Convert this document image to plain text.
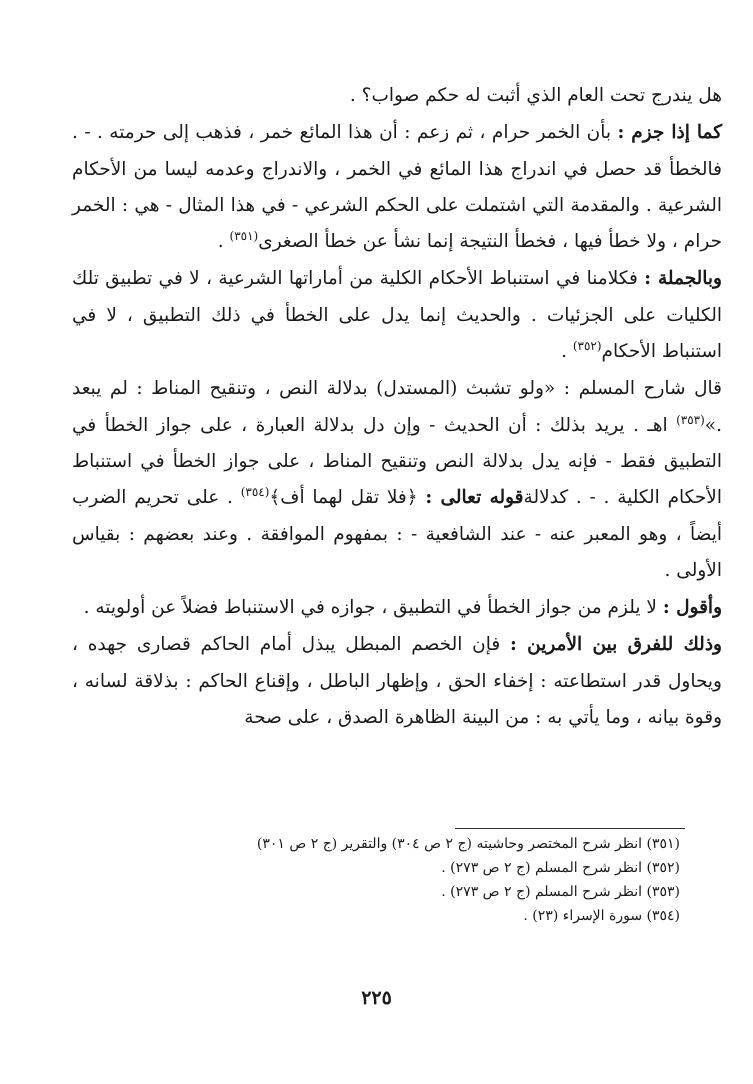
هل يندرج تحت العام الذي أثبت له حكم صواب؟ .

كما إذا جزم : بأن الخمر حرام ، ثم زعم : أن هذا المائع خمر ، فذهب إلى حرمته . - . فالخطأ قد حصل في اندراج هذا المائع في الخمر ، والاندراج وعدمه ليسا من الأحكام الشرعية . والمقدمة التي اشتملت على الحكم الشرعي - في هذا المثال - هي : الخمر حرام ، ولا خطأ فيها ، فخطأ النتيجة إنما نشأ عن خطأ الصغرى$^{(٣٥١)}$ .

وبالجملة : فكلامنا في استنباط الأحكام الكلية من أماراتها الشرعية ، لا في تطبيق تلك الكليات على الجزئيات . والحديث إنما يدل على الخطأ في ذلك التطبيق ، لا في استنباط الأحكام$^{(٣٥٢)}$ .

قال شارح المسلم : «ولو تشبث (المستدل) بدلالة النص ، وتنقيح المناط : لم يبعد .»$^{(٣٥٣)}$ اهـ . يريد بذلك : أن الحديث - وإن دل بدلالة العبارة ، على جواز الخطأ في التطبيق فقط - فإنه يدل بدلالة النص وتنقيح المناط ، على جواز الخطأ في استنباط الأحكام الكلية . - . كدلالةقوله تعالى : ﴿فلا تقل لهما أف﴾$^{(٣٥٤)}$ . على تحريم الضرب أيضاً ، وهو المعبر عنه - عند الشافعية - : بمفهوم الموافقة . وعند بعضهم : بقياس الأولى .

وأقول : لا يلزم من جواز الخطأ في التطبيق ، جوازه في الاستنباط فضلاً عن أولويته .

وذلك للفرق بين الأمرين : فإن الخصم المبطل يبذل أمام الحاكم قصارى جهده ، ويحاول قدر استطاعته : إخفاء الحق ، وإظهار الباطل ، وإقناع الحاكم : بذلاقة لسانه ، وقوة بيانه ، وما يأتي به : من البينة الظاهرة الصدق ، على صحة

(٣٥١) انظر شرح المختصر وحاشيته (ج ٢ ص ٣٠٤) والتقرير (ج ٢ ص ٣٠١)
(٣٥٢) انظر شرح المسلم (ج ٢ ص ٢٧٣) .
(٣٥٣) انظر شرح المسلم (ج ٢ ص ٢٧٣) .
(٣٥٤) سورة الإسراء (٢٣) .
٢٢٥
